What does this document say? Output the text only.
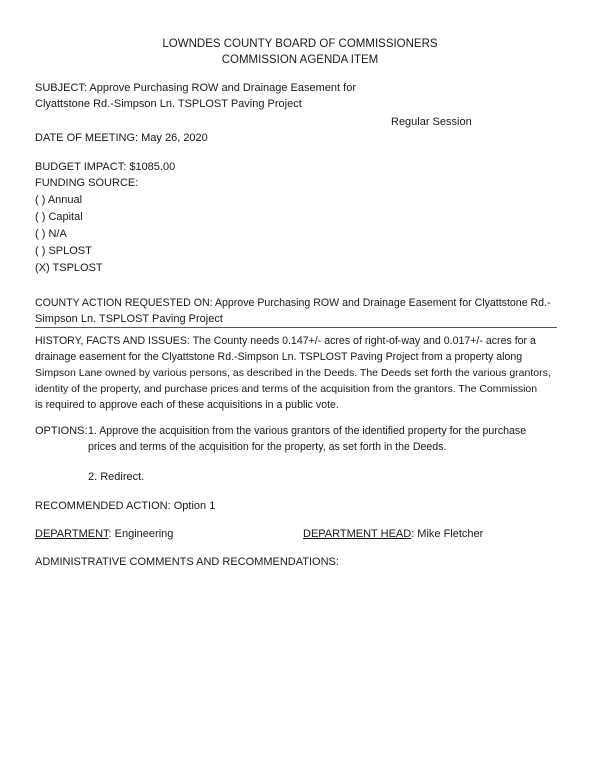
LOWNDES COUNTY BOARD OF COMMISSIONERS
COMMISSION AGENDA ITEM
SUBJECT: Approve Purchasing ROW and Drainage Easement for
Clyattstone Rd.-Simpson Ln. TSPLOST Paving Project
Regular Session
DATE OF MEETING: May 26, 2020
BUDGET IMPACT: $1085.00
FUNDING SOURCE:
( ) Annual
( ) Capital
( ) N/A
( ) SPLOST
(X) TSPLOST
COUNTY ACTION REQUESTED ON: Approve Purchasing ROW and Drainage Easement for Clyattstone Rd.-
Simpson Ln. TSPLOST Paving Project
HISTORY, FACTS AND ISSUES: The County needs 0.147+/- acres of right-of-way and 0.017+/- acres for a
drainage easement for the Clyattstone Rd.-Simpson Ln. TSPLOST Paving Project from a property along
Simpson Lane owned by various persons, as described in the Deeds. The Deeds set forth the various grantors,
identity of the property, and purchase prices and terms of the acquisition from the grantors. The Commission
is required to approve each of these acquisitions in a public vote.
OPTIONS: 1. Approve the acquisition from the various grantors of the identified property for the purchase
prices and terms of the acquisition for the property, as set forth in the Deeds.
2. Redirect.
RECOMMENDED ACTION: Option 1
DEPARTMENT: Engineering	DEPARTMENT HEAD: Mike Fletcher
ADMINISTRATIVE COMMENTS AND RECOMMENDATIONS:
